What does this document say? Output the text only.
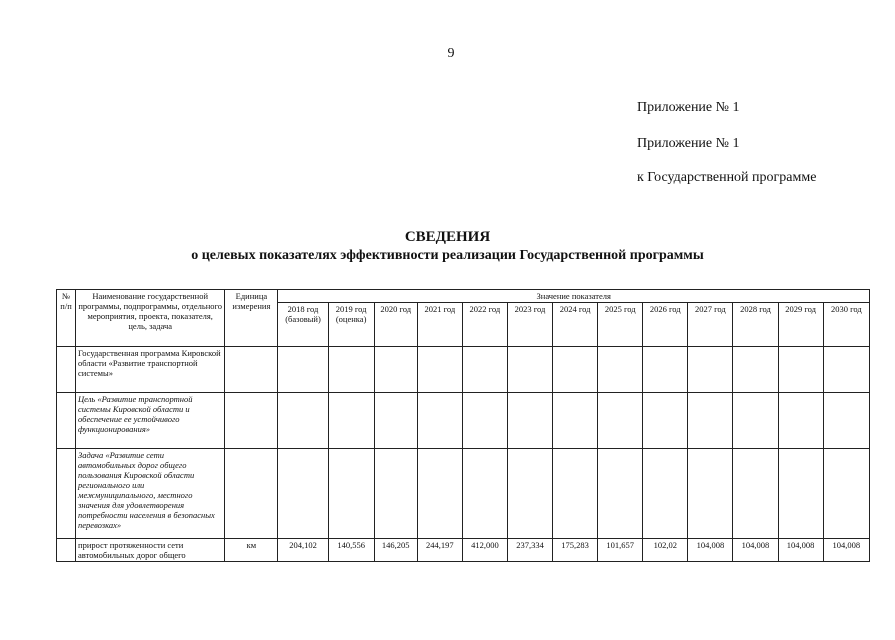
9
Приложение № 1
Приложение № 1
к Государственной программе
СВЕДЕНИЯ
о целевых показателях эффективности реализации Государственной программы
№ п/п	Наименование государственной программы, подпрограммы, отдельного мероприятия, проекта, показателя, цель, задача	Единица измерения	Значение показателя												
			2018 год (базовый)	2019 год (оценка)	2020 год	2021 год	2022 год	2023 год	2024 год	2025 год	2026 год	2027 год	2028 год	2029 год	2030 год
	Государственная программа Кировской области «Развитие транспортной системы»														
	Цель «Развитие транспортной системы Кировской области и обеспечение ее устойчивого функционирования»														
	Задача «Развитие сети автомобильных дорог общего пользования Кировской области регионального или межмуниципального, местного значения для удовлетворения потребности населения в безопасных перевозках»														
	прирост протяженности сети автомобильных дорог общего	км	204,102	140,556	146,205	244,197	412,000	237,334	175,283	101,657	102,02	104,008	104,008	104,008	104,008
